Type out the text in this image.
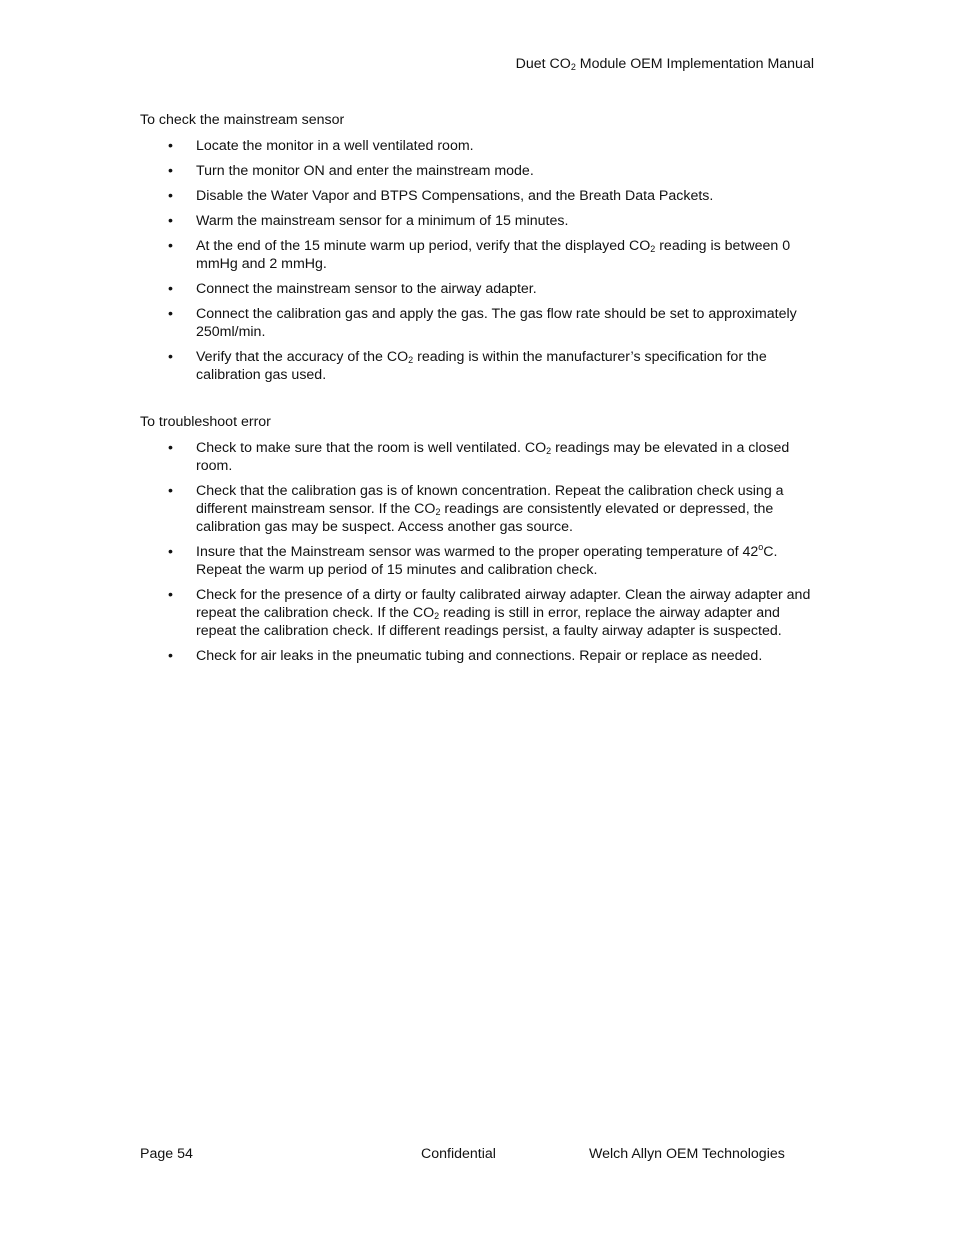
Duet $CO_2$ Module OEM Implementation Manual

To check the mainstream sensor

• Locate the monitor in a well ventilated room.
• Turn the monitor ON and enter the mainstream mode.
• Disable the Water Vapor and BTPS Compensations, and the Breath Data Packets.
• Warm the mainstream sensor for a minimum of 15 minutes.
• At the end of the 15 minute warm up period, verify that the displayed $CO_2$ reading is between 0 mmHg and 2 mmHg.
• Connect the mainstream sensor to the airway adapter.
• Connect the calibration gas and apply the gas. The gas flow rate should be set to approximately 250ml/min.
• Verify that the accuracy of the $CO_2$ reading is within the manufacturer’s specification for the calibration gas used.

To troubleshoot error

• Check to make sure that the room is well ventilated. $CO_2$ readings may be elevated in a closed room.
• Check that the calibration gas is of known concentration. Repeat the calibration check using a different mainstream sensor. If the $CO_2$ readings are consistently elevated or depressed, the calibration gas may be suspect. Access another gas source.
• Insure that the Mainstream sensor was warmed to the proper operating temperature of 42$^o$C. Repeat the warm up period of 15 minutes and calibration check.
• Check for the presence of a dirty or faulty calibrated airway adapter. Clean the airway adapter and repeat the calibration check. If the $CO_2$ reading is still in error, replace the airway adapter and repeat the calibration check. If different readings persist, a faulty airway adapter is suspected.
• Check for air leaks in the pneumatic tubing and connections. Repair or replace as needed.
Page 54	Confidential	Welch Allyn OEM Technologies
